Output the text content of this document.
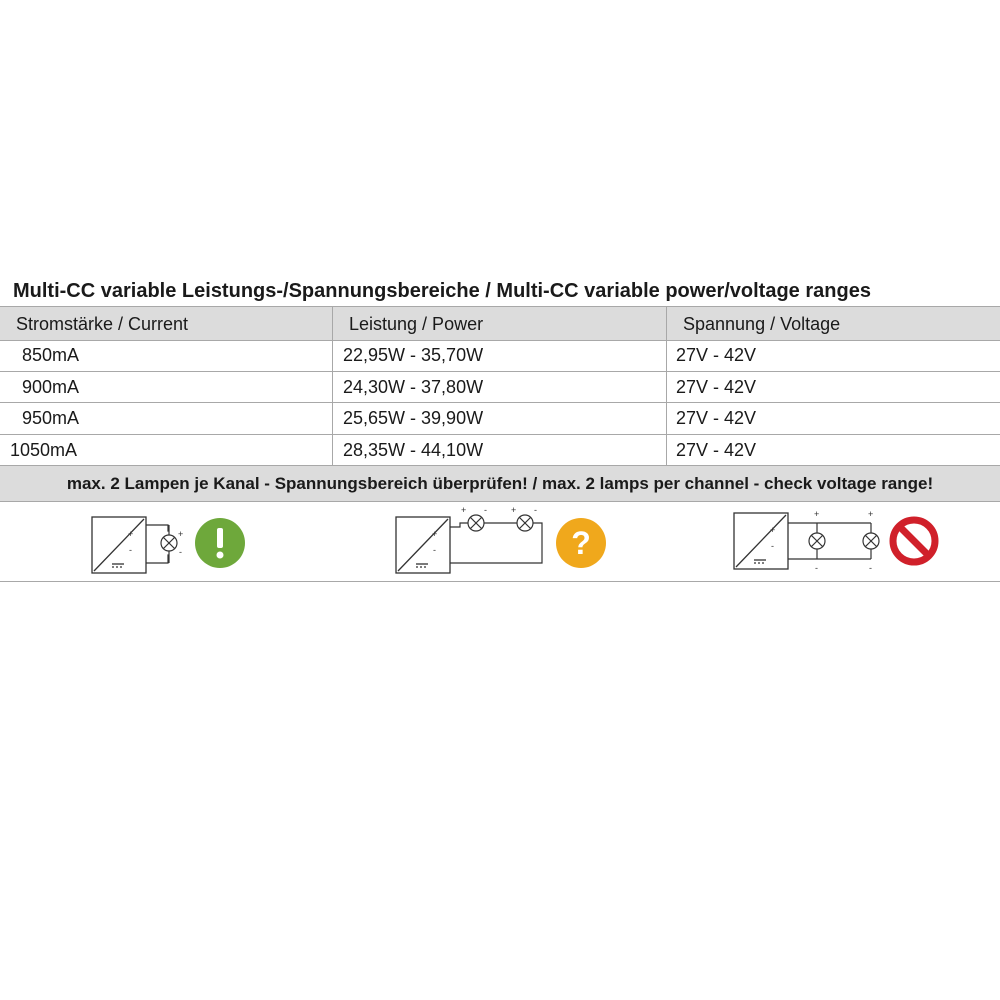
Multi-CC variable Leistungs-/Spannungsbereiche / Multi-CC variable power/voltage ranges
Stromstärke / Current	Leistung / Power	Spannung / Voltage
850mA	22,95W - 35,70W	27V - 42V
900mA	24,30W - 37,80W	27V - 42V
950mA	25,65W - 39,90W	27V - 42V
1050mA	28,35W - 44,10W	27V - 42V
max. 2 Lampen je Kanal - Spannungsbereich überprüfen! / max. 2 lamps per channel - check voltage range!
+
-
+
-
+
-
+ -	+ -
?	+
-
+	+
-	-
